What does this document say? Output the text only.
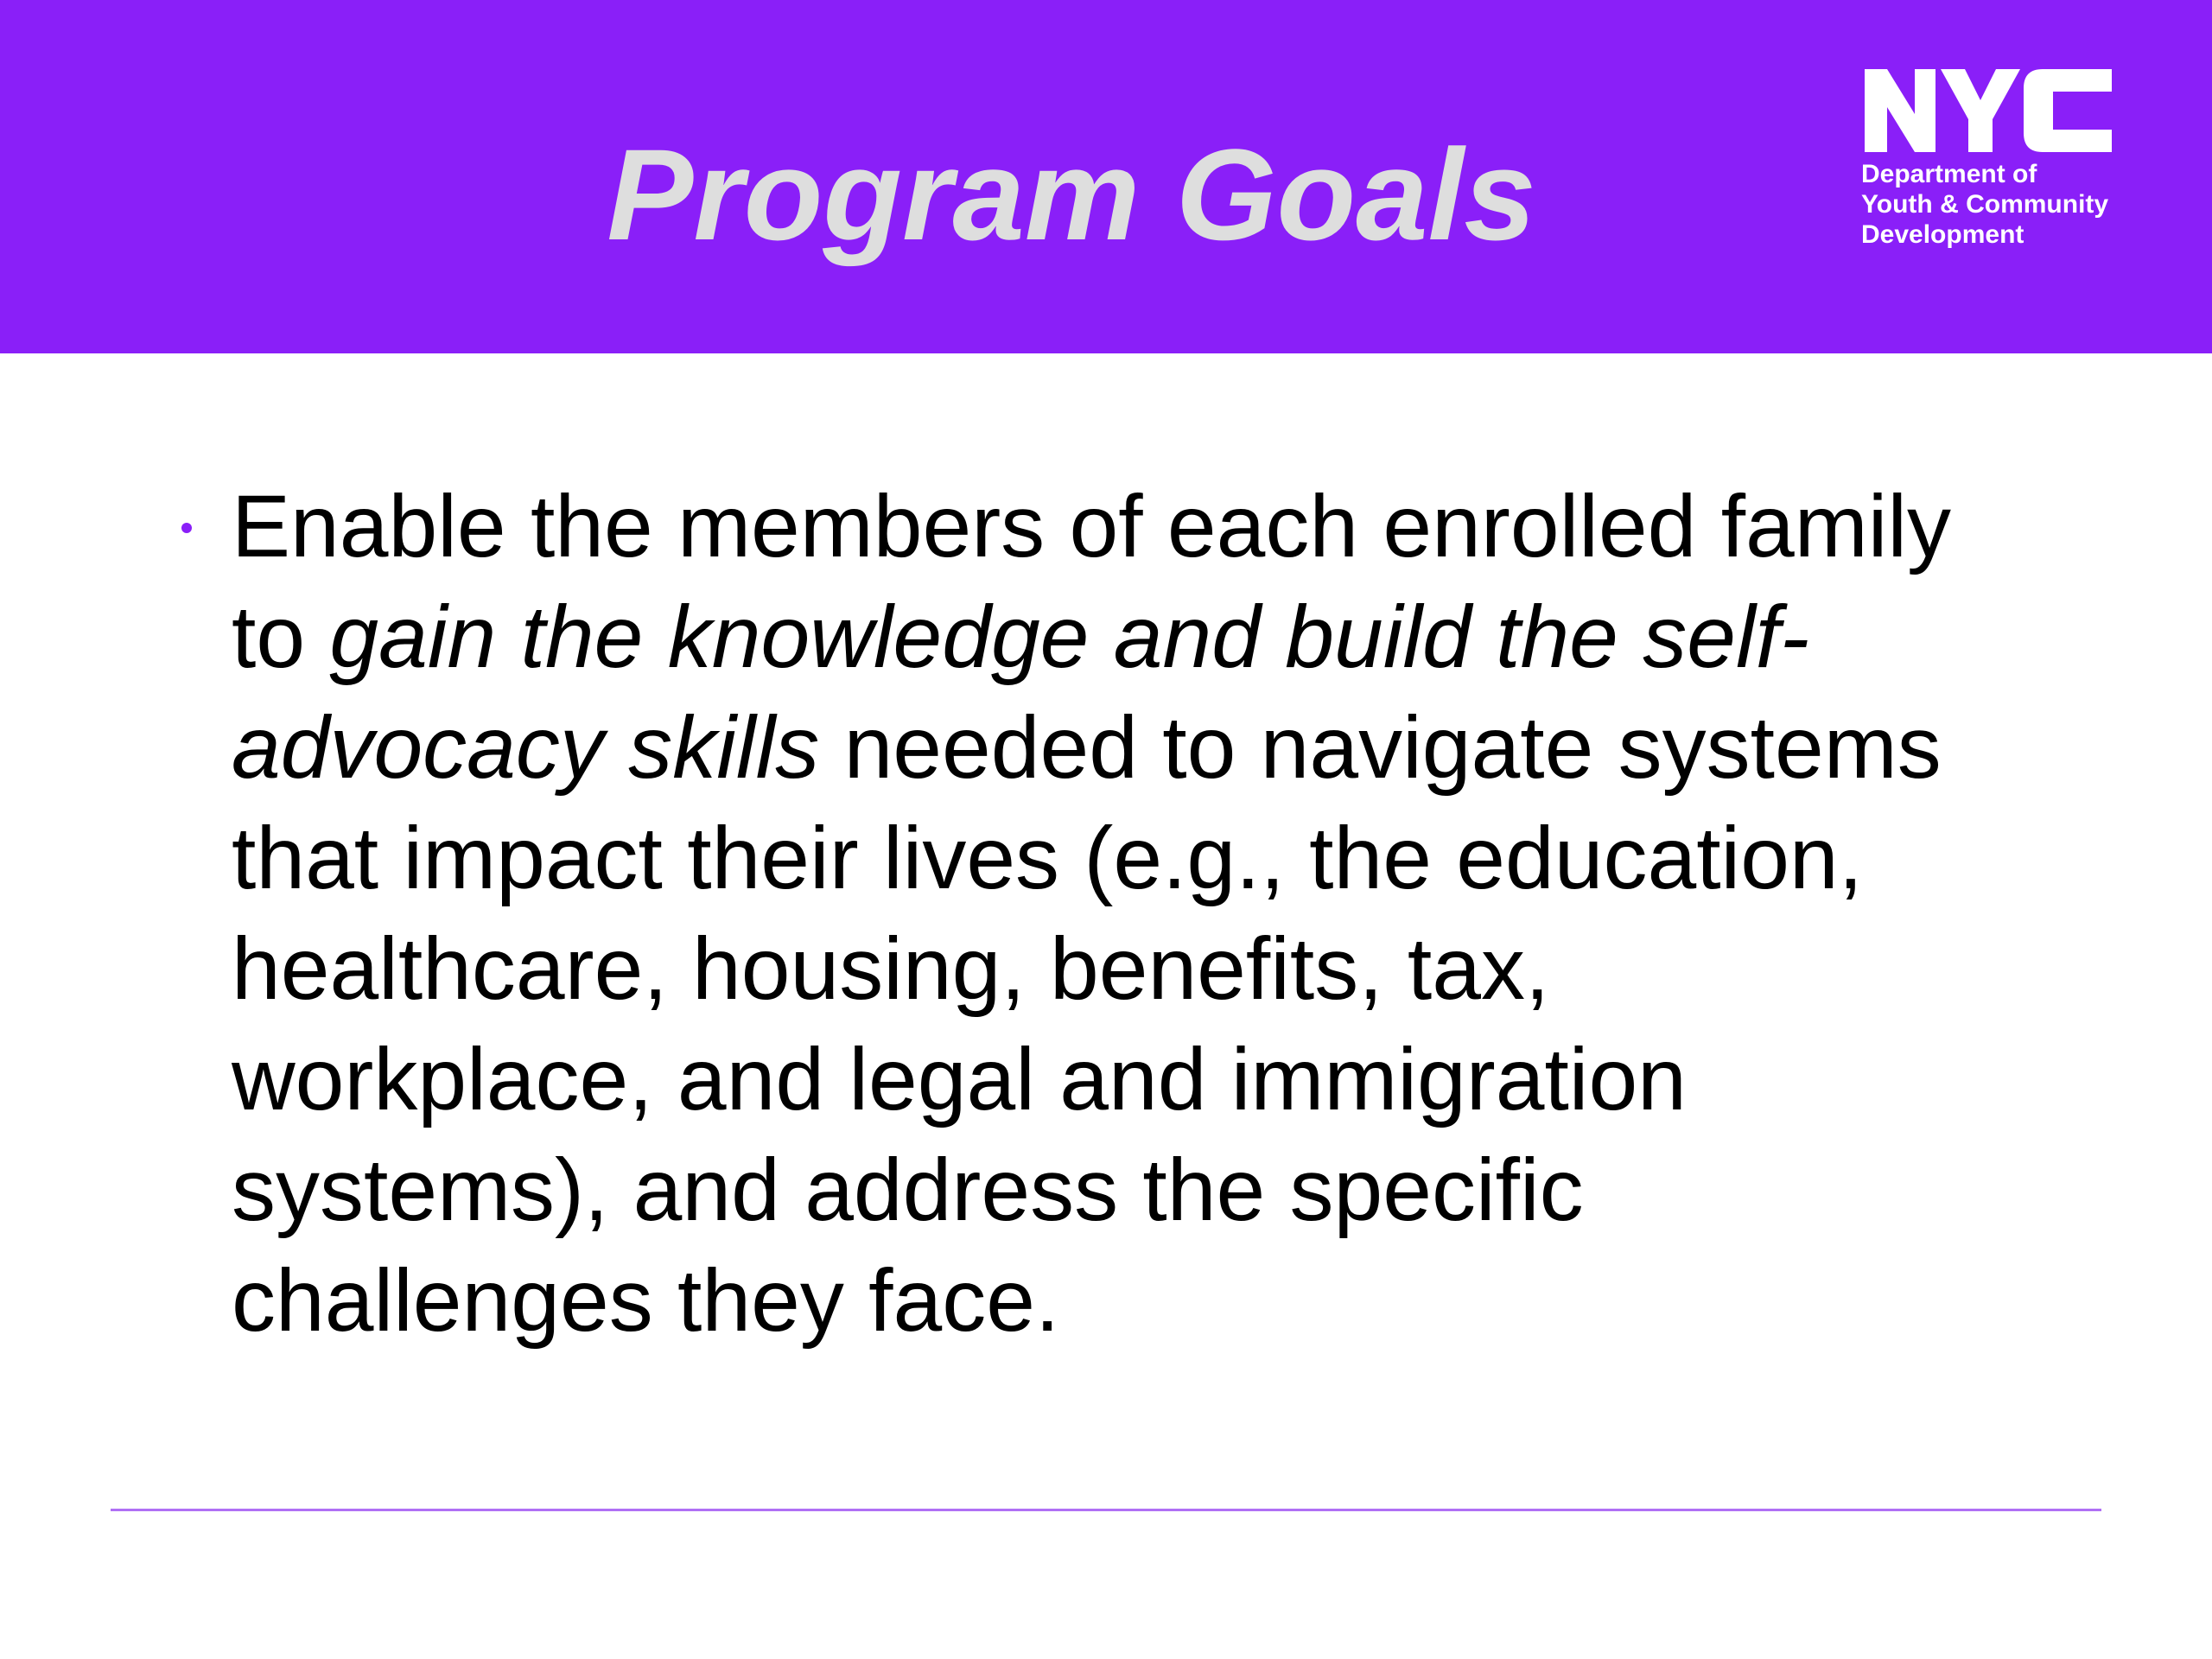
Program Goals	Department of
Youth & Community
Development
Enable the members of each enrolled family
to gain the knowledge and build the self-
advocacy skills needed to navigate systems
that impact their lives (e.g., the education,
healthcare, housing, benefits, tax,
workplace, and legal and immigration
systems), and address the specific
challenges they face.
